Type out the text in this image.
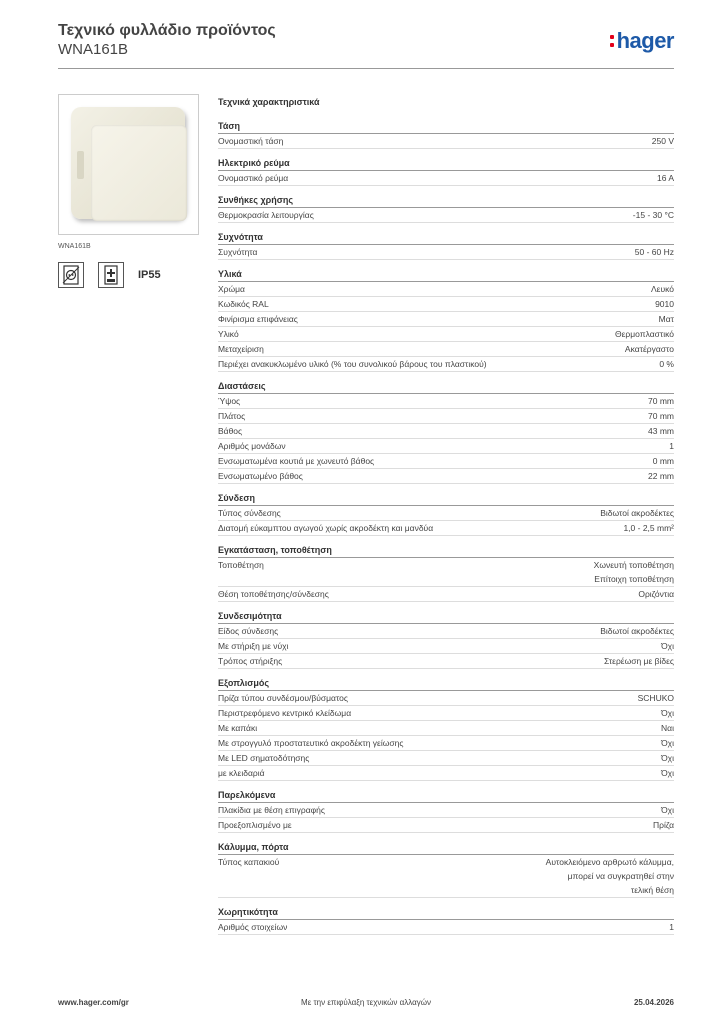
Τεχνικό φυλλάδιο προϊόντος
WNA161B	hager
WNA161B
IP55
Τεχνικά χαρακτηριστικά
Τάση
Ονομαστική τάση	250 V
Ηλεκτρικό ρεύμα
Ονομαστικό ρεύμα	16 A
Συνθήκες χρήσης
Θερμοκρασία λειτουργίας	-15 - 30 °C
Συχνότητα
Συχνότητα	50 - 60 Hz
Υλικά
Χρώμα	Λευκό
Κωδικός RAL	9010
Φινίρισμα επιφάνειας	Ματ
Υλικό	Θερμοπλαστικό
Μεταχείριση	Ακατέργαστο
Περιέχει ανακυκλωμένο υλικό (% του συνολικού βάρους του πλαστικού)	0 %
Διαστάσεις
Ύψος	70 mm
Πλάτος	70 mm
Βάθος	43 mm
Αριθμός μονάδων	1
Ενσωματωμένα κουτιά με χωνευτό βάθος	0 mm
Ενσωματωμένο βάθος	22 mm
Σύνδεση
Τύπος σύνδεσης	Βιδωτοί ακροδέκτες
Διατομή εύκαμπτου αγωγού χωρίς ακροδέκτη και μανδύα	1,0 - 2,5 mm²
Εγκατάσταση, τοποθέτηση
Τοποθέτηση	Χωνευτή τοποθέτηση
Επίτοιχη τοποθέτηση
Θέση τοποθέτησης/σύνδεσης	Οριζόντια
Συνδεσιμότητα
Είδος σύνδεσης	Βιδωτοί ακροδέκτες
Με στήριξη με νύχι	Όχι
Τρόπος στήριξης	Στερέωση με βίδες
Εξοπλισμός
Πρίζα τύπου συνδέσμου/βύσματος	SCHUKO
Περιστρεφόμενο κεντρικό κλείδωμα	Όχι
Με καπάκι	Ναι
Με στρογγυλό προστατευτικό ακροδέκτη γείωσης	Όχι
Με LED σηματοδότησης	Όχι
με κλειδαριά	Όχι
Παρελκόμενα
Πλακίδια με θέση επιγραφής	Όχι
Προεξοπλισμένο με	Πρίζα
Κάλυμμα, πόρτα
Τύπος καπακιού	Αυτοκλειόμενο αρθρωτό κάλυμμα,
μπορεί να συγκρατηθεί στην
τελική θέση
Χωρητικότητα
Αριθμός στοιχείων	1
www.hager.com/gr	Με την επιφύλαξη τεχνικών αλλαγών	25.04.2026
